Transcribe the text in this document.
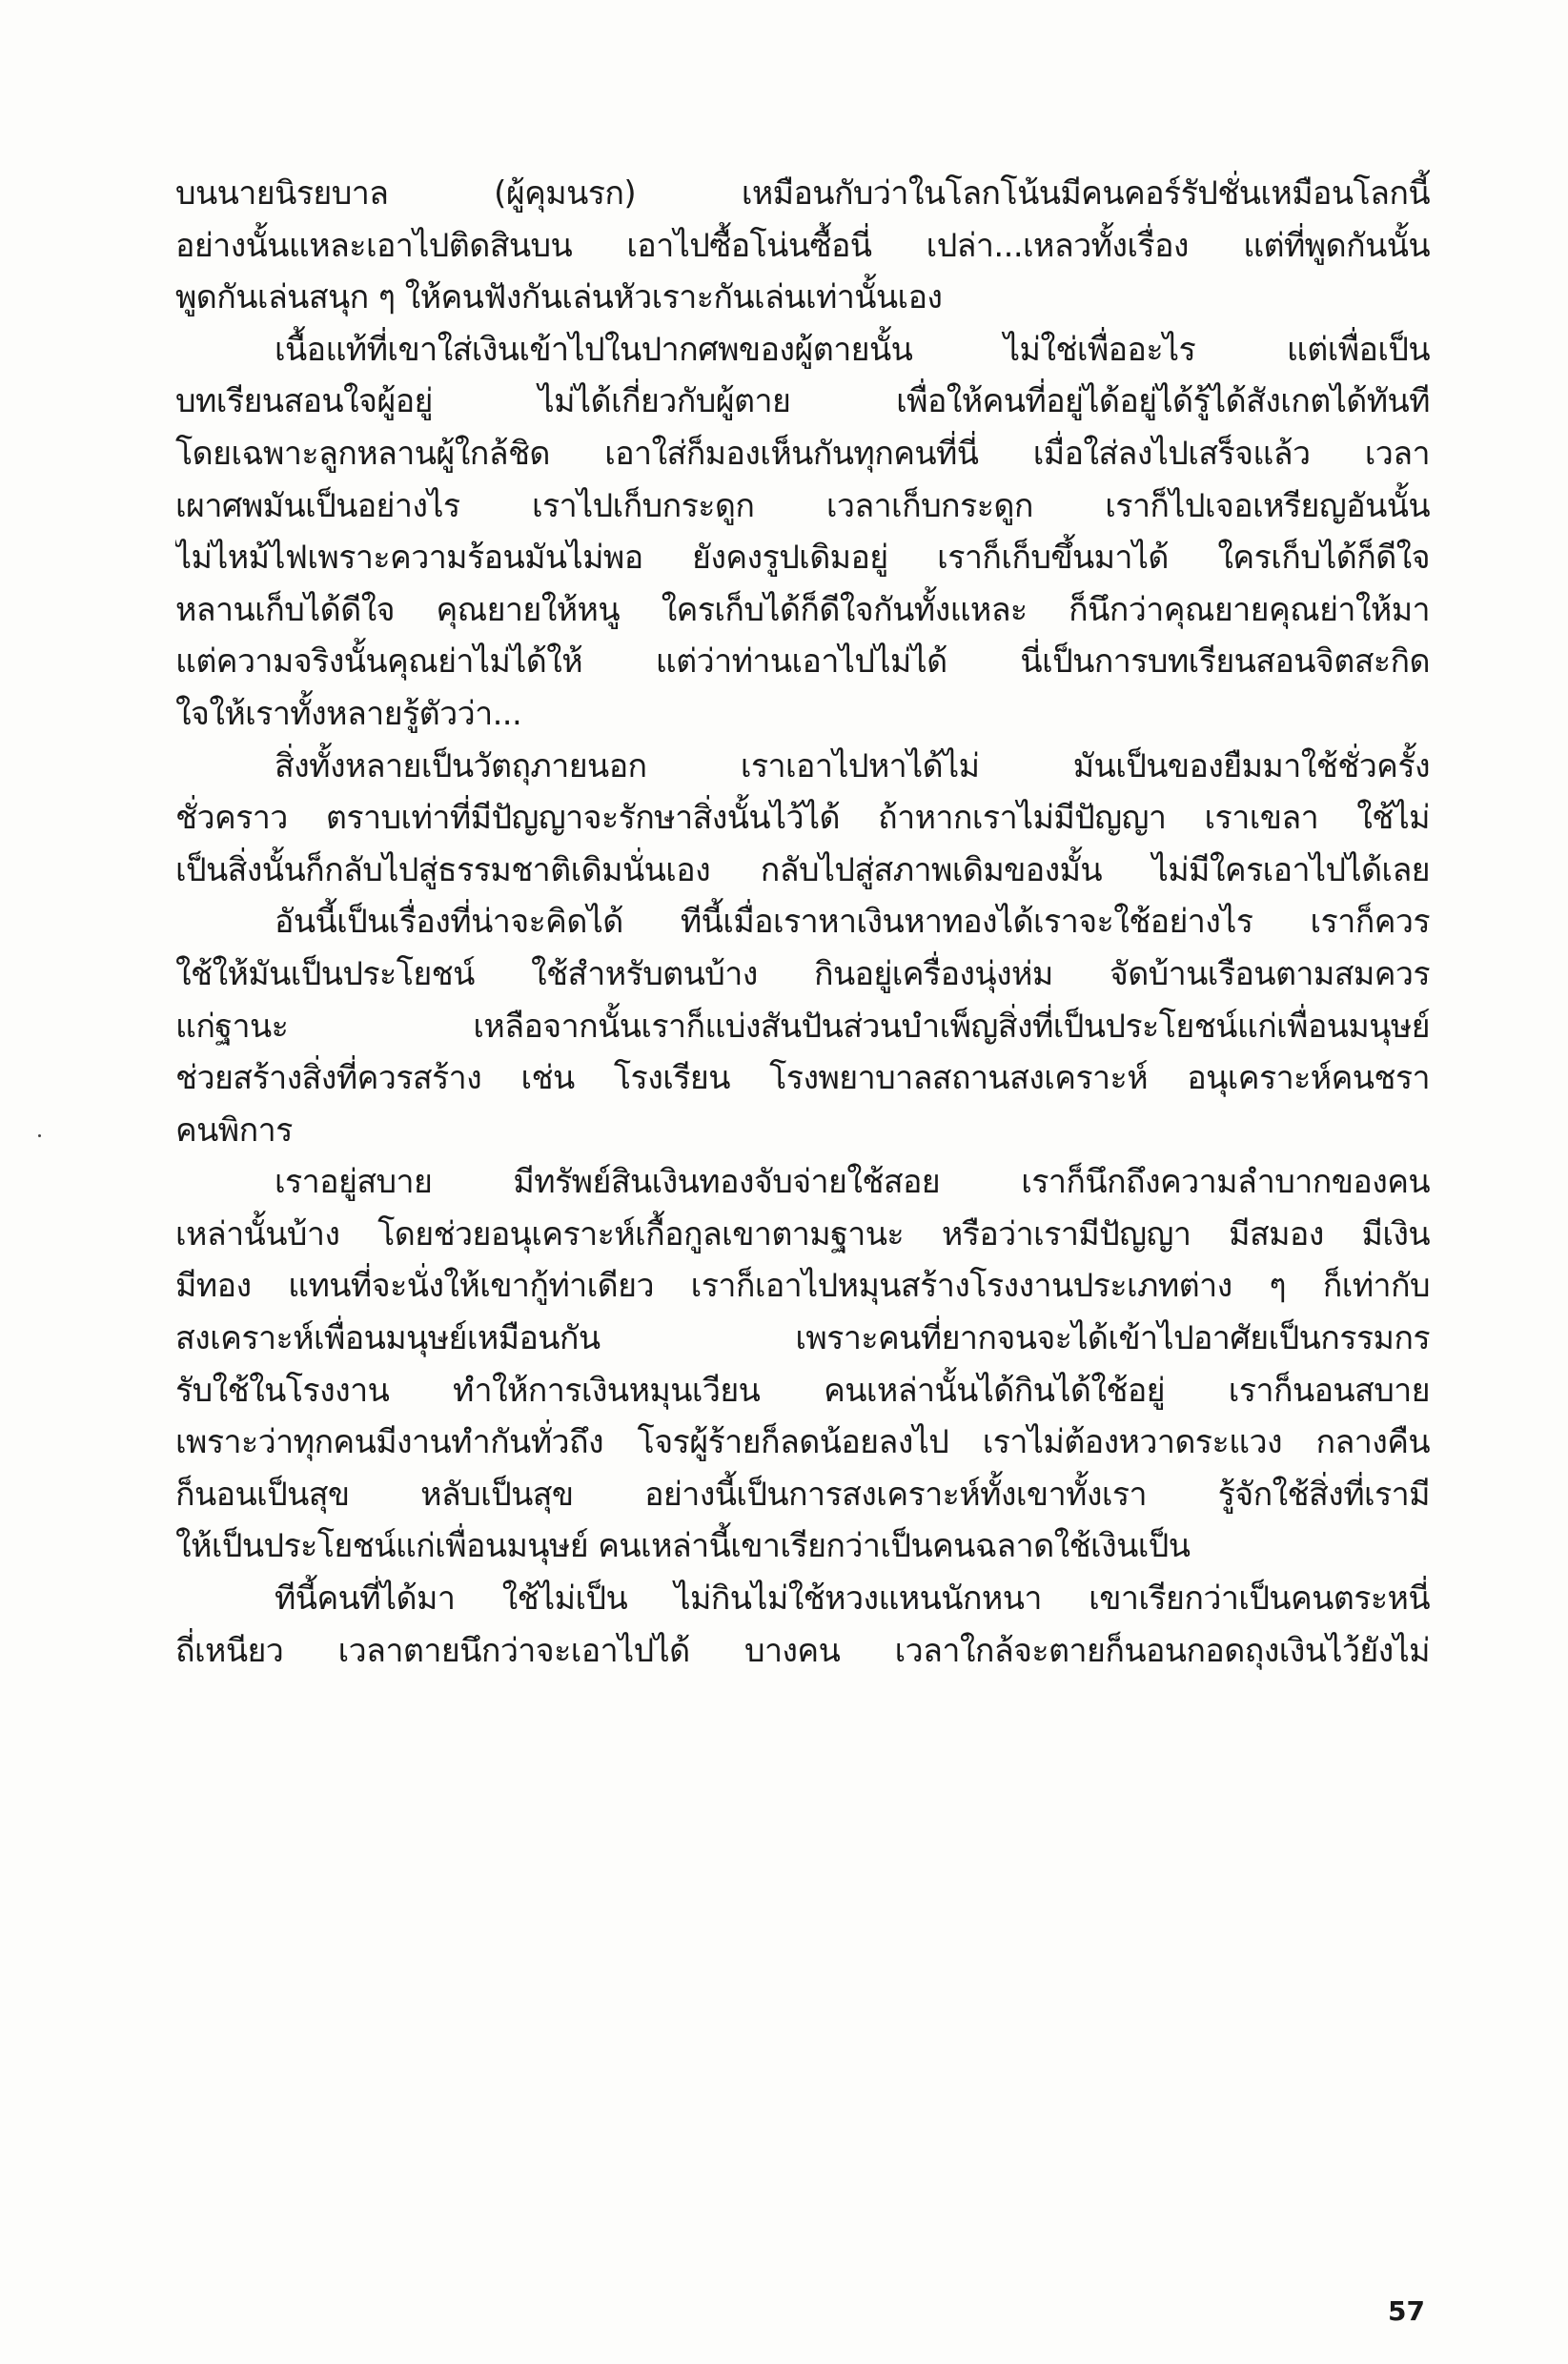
บนนายนิรยบาล (ผู้คุมนรก) เหมือนกับว่าในโลกโน้นมีคนคอร์รัปชั่นเหมือนโลกนี้
อย่างนั้นแหละเอาไปติดสินบน เอาไปซื้อโน่นซื้อนี่ เปล่า...เหลวทั้งเรื่อง แต่ที่พูดกันนั้น
พูดกันเล่นสนุก ๆ ให้คนฟังกันเล่นหัวเราะกันเล่นเท่านั้นเอง
เนื้อแท้ที่เขาใส่เงินเข้าไปในปากศพของผู้ตายนั้น ไม่ใช่เพื่ออะไร แต่เพื่อเป็น
บทเรียนสอนใจผู้อยู่ ไม่ได้เกี่ยวกับผู้ตาย เพื่อให้คนที่อยู่ได้อยู่ได้รู้ได้สังเกตได้ทันที
โดยเฉพาะลูกหลานผู้ใกล้ชิด เอาใส่ก็มองเห็นกันทุกคนที่นี่ เมื่อใส่ลงไปเสร็จแล้ว เวลา
เผาศพมันเป็นอย่างไร เราไปเก็บกระดูก เวลาเก็บกระดูก เราก็ไปเจอเหรียญอันนั้น
ไม่ไหม้ไฟเพราะความร้อนมันไม่พอ ยังคงรูปเดิมอยู่ เราก็เก็บขึ้นมาได้ ใครเก็บได้ก็ดีใจ
หลานเก็บได้ดีใจ คุณยายให้หนู ใครเก็บได้ก็ดีใจกันทั้งแหละ ก็นึกว่าคุณยายคุณย่าให้มา
แต่ความจริงนั้นคุณย่าไม่ได้ให้ แต่ว่าท่านเอาไปไม่ได้ นี่เป็นการบทเรียนสอนจิตสะกิด
ใจให้เราทั้งหลายรู้ตัวว่า...
สิ่งทั้งหลายเป็นวัตถุภายนอก เราเอาไปหาได้ไม่ มันเป็นของยืมมาใช้ชั่วครั้ง
ชั่วคราว ตราบเท่าที่มีปัญญาจะรักษาสิ่งนั้นไว้ได้ ถ้าหากเราไม่มีปัญญา เราเขลา ใช้ไม่
เป็นสิ่งนั้นก็กลับไปสู่ธรรมชาติเดิมนั่นเอง กลับไปสู่สภาพเดิมของมั้น ไม่มีใครเอาไปได้เลย
อันนี้เป็นเรื่องที่น่าจะคิดได้ ทีนี้เมื่อเราหาเงินหาทองได้เราจะใช้อย่างไร เราก็ควร
ใช้ให้มันเป็นประโยชน์ ใช้สำหรับตนบ้าง กินอยู่เครื่องนุ่งห่ม จัดบ้านเรือนตามสมควร
แก่ฐานะ เหลือจากนั้นเราก็แบ่งสันปันส่วนบำเพ็ญสิ่งที่เป็นประโยชน์แก่เพื่อนมนุษย์
ช่วยสร้างสิ่งที่ควรสร้าง เช่น โรงเรียน โรงพยาบาลสถานสงเคราะห์ อนุเคราะห์คนชรา
คนพิการ
เราอยู่สบาย มีทรัพย์สินเงินทองจับจ่ายใช้สอย เราก็นึกถึงความลำบากของคน
เหล่านั้นบ้าง โดยช่วยอนุเคราะห์เกื้อกูลเขาตามฐานะ หรือว่าเรามีปัญญา มีสมอง มีเงิน
มีทอง แทนที่จะนั่งให้เขากู้ท่าเดียว เราก็เอาไปหมุนสร้างโรงงานประเภทต่าง ๆ ก็เท่ากับ
สงเคราะห์เพื่อนมนุษย์เหมือนกัน เพราะคนที่ยากจนจะได้เข้าไปอาศัยเป็นกรรมกร
รับใช้ในโรงงาน ทำให้การเงินหมุนเวียน คนเหล่านั้นได้กินได้ใช้อยู่ เราก็นอนสบาย
เพราะว่าทุกคนมีงานทำกันทั่วถึง โจรผู้ร้ายก็ลดน้อยลงไป เราไม่ต้องหวาดระแวง กลางคืน
ก็นอนเป็นสุข หลับเป็นสุข อย่างนี้เป็นการสงเคราะห์ทั้งเขาทั้งเรา รู้จักใช้สิ่งที่เรามี
ให้เป็นประโยชน์แก่เพื่อนมนุษย์ คนเหล่านี้เขาเรียกว่าเป็นคนฉลาดใช้เงินเป็น
ทีนี้คนที่ได้มา ใช้ไม่เป็น ไม่กินไม่ใช้หวงแหนนักหนา เขาเรียกว่าเป็นคนตระหนี่
ถี่เหนียว เวลาตายนึกว่าจะเอาไปได้ บางคน เวลาใกล้จะตายก็นอนกอดถุงเงินไว้ยังไม่
57
